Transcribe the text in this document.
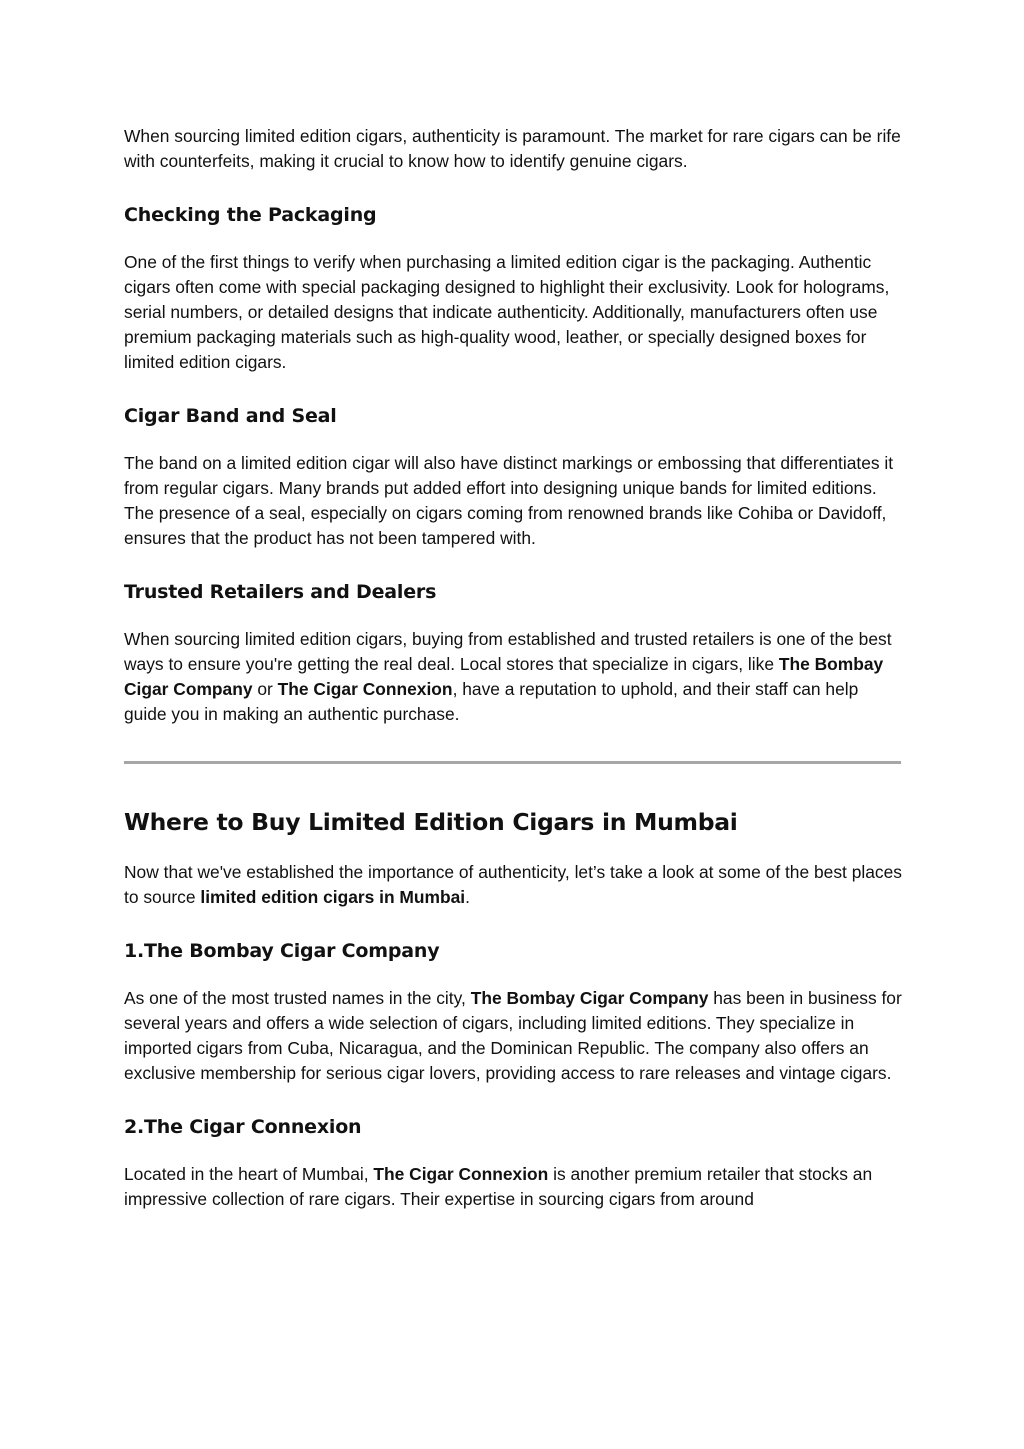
When sourcing limited edition cigars, authenticity is paramount. The market for rare cigars can be rife with counterfeits, making it crucial to know how to identify genuine cigars.

Checking the Packaging

One of the first things to verify when purchasing a limited edition cigar is the packaging. Authentic cigars often come with special packaging designed to highlight their exclusivity. Look for holograms, serial numbers, or detailed designs that indicate authenticity. Additionally, manufacturers often use premium packaging materials such as high-quality wood, leather, or specially designed boxes for limited edition cigars.

Cigar Band and Seal

The band on a limited edition cigar will also have distinct markings or embossing that differentiates it from regular cigars. Many brands put added effort into designing unique bands for limited editions. The presence of a seal, especially on cigars coming from renowned brands like Cohiba or Davidoff, ensures that the product has not been tampered with.

Trusted Retailers and Dealers

When sourcing limited edition cigars, buying from established and trusted retailers is one of the best ways to ensure you're getting the real deal. Local stores that specialize in cigars, like The Bombay Cigar Company or The Cigar Connexion, have a reputation to uphold, and their staff can help guide you in making an authentic purchase.

Where to Buy Limited Edition Cigars in Mumbai

Now that we've established the importance of authenticity, let’s take a look at some of the best places to source limited edition cigars in Mumbai.

1.The Bombay Cigar Company

As one of the most trusted names in the city, The Bombay Cigar Company has been in business for several years and offers a wide selection of cigars, including limited editions. They specialize in imported cigars from Cuba, Nicaragua, and the Dominican Republic. The company also offers an exclusive membership for serious cigar lovers, providing access to rare releases and vintage cigars.

2.The Cigar Connexion

Located in the heart of Mumbai, The Cigar Connexion is another premium retailer that stocks an impressive collection of rare cigars. Their expertise in sourcing cigars from around
